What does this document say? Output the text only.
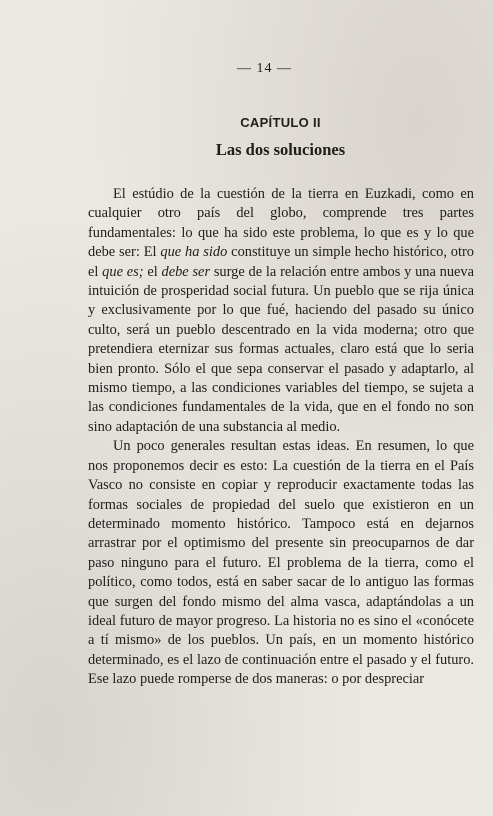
— 14 —
CAPÍTULO II
Las dos soluciones

El estúdio de la cuestión de la tierra en Euzkadi, como en cualquier otro país del globo, comprende tres partes fundamentales: lo que ha sido este problema, lo que es y lo que debe ser: El que ha sido constituye un simple hecho histórico, otro el que es; el debe ser surge de la relación entre ambos y una nueva intuición de prosperidad social futura. Un pueblo que se rija única y exclusivamente por lo que fué, haciendo del pasado su único culto, será un pueblo descentrado en la vida moderna; otro que pretendiera eternizar sus formas actuales, claro está que lo seria bien pronto. Sólo el que sepa conservar el pasado y adaptarlo, al mismo tiempo, a las condiciones variables del tiempo, se sujeta a las condiciones fundamentales de la vida, que en el fondo no son sino adaptación de una substancia al medio.

Un poco generales resultan estas ideas. En resumen, lo que nos proponemos decir es esto: La cuestión de la tierra en el País Vasco no consiste en copiar y reproducir exactamente todas las formas sociales de propiedad del suelo que existieron en un determinado momento histórico. Tampoco está en dejarnos arrastrar por el optimismo del presente sin preocuparnos de dar paso ninguno para el futuro. El problema de la tierra, como el político, como todos, está en saber sacar de lo antiguo las formas que surgen del fondo mismo del alma vasca, adaptándolas a un ideal futuro de mayor progreso. La historia no es sino el «conócete a tí mismo» de los pueblos. Un país, en un momento histórico determinado, es el lazo de continuación entre el pasado y el futuro. Ese lazo puede romperse de dos maneras: o por despreciar
